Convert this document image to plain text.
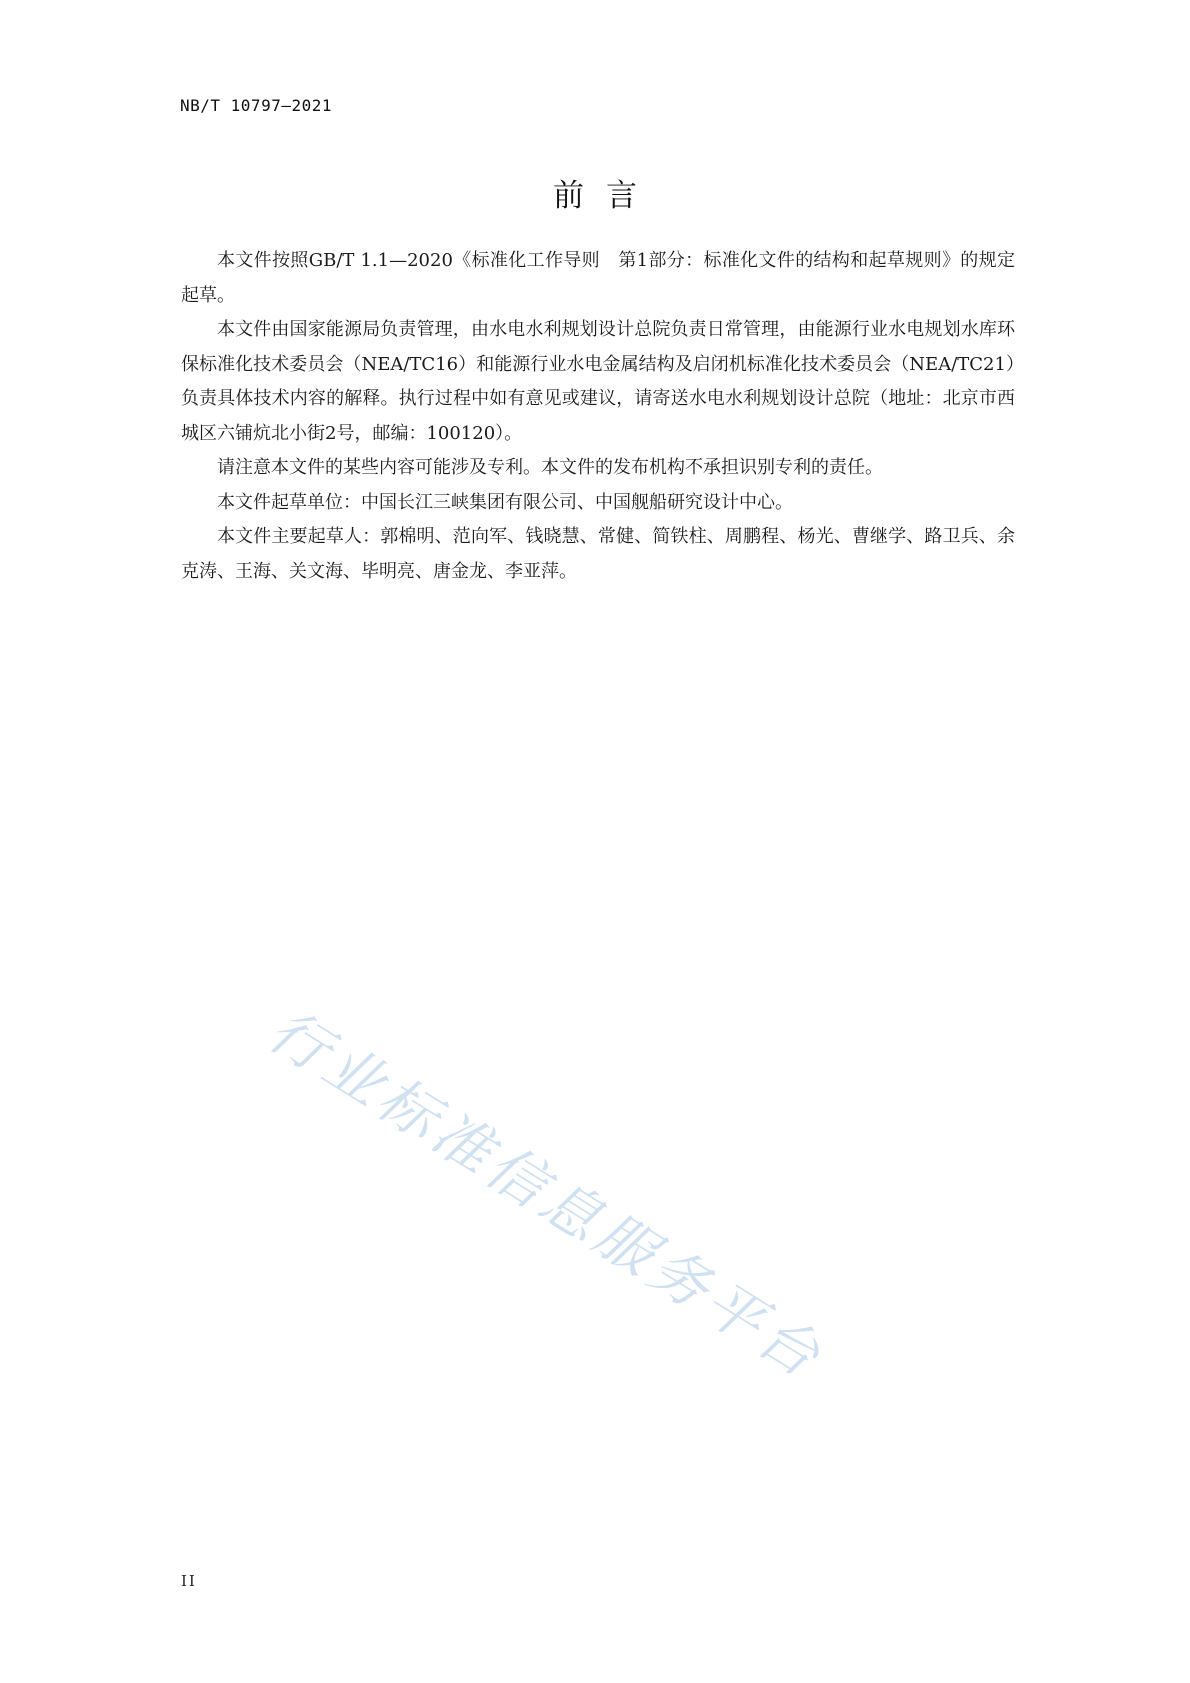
NB/T 10797—2021
前言

本文件按照GB/T 1.1—2020《标准化工作导则　第1部分：标准化文件的结构和起草规则》的规定起草。

本文件由国家能源局负责管理，由水电水利规划设计总院负责日常管理，由能源行业水电规划水库环保标准化技术委员会（NEA/TC16）和能源行业水电金属结构及启闭机标准化技术委员会（NEA/TC21）负责具体技术内容的解释。执行过程中如有意见或建议，请寄送水电水利规划设计总院（地址：北京市西城区六铺炕北小街2号，邮编：100120）。

请注意本文件的某些内容可能涉及专利。本文件的发布机构不承担识别专利的责任。

本文件起草单位：中国长江三峡集团有限公司、中国舰船研究设计中心。

本文件主要起草人：郭棉明、范向军、钱晓慧、常健、简铁柱、周鹏程、杨光、曹继学、路卫兵、余克涛、王海、关文海、毕明亮、唐金龙、李亚萍。

行业标准信息服务平台
II
